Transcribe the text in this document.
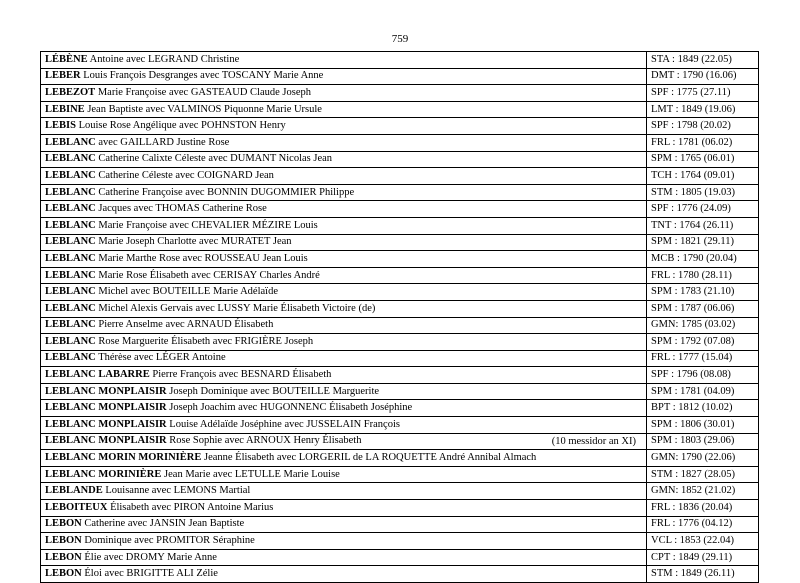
759
LÉBÈNE Antoine avec LEGRAND Christine	STA : 1849 (22.05)
LEBER Louis François Desgranges avec TOSCANY Marie Anne	DMT : 1790 (16.06)
LEBEZOT Marie Françoise avec GASTEAUD Claude Joseph	SPF : 1775 (27.11)
LEBINE Jean Baptiste avec VALMINOS Piquonne Marie Ursule	LMT : 1849 (19.06)
LEBIS Louise Rose Angélique avec POHNSTON Henry	SPF : 1798 (20.02)
LEBLANC avec GAILLARD Justine Rose	FRL : 1781 (06.02)
LEBLANC Catherine Calixte Céleste avec DUMANT Nicolas Jean	SPM : 1765 (06.01)
LEBLANC Catherine Céleste avec COIGNARD Jean	TCH : 1764 (09.01)
LEBLANC Catherine Françoise avec BONNIN DUGOMMIER Philippe	STM : 1805 (19.03)
LEBLANC Jacques avec THOMAS Catherine Rose	SPF : 1776 (24.09)
LEBLANC Marie Françoise avec CHEVALIER MÉZIRE Louis	TNT : 1764 (26.11)
LEBLANC Marie Joseph Charlotte avec MURATET Jean	SPM : 1821 (29.11)
LEBLANC Marie Marthe Rose avec ROUSSEAU Jean Louis	MCB : 1790 (20.04)
LEBLANC Marie Rose Élisabeth avec CERISAY Charles André	FRL : 1780 (28.11)
LEBLANC Michel avec BOUTEILLE Marie Adélaïde	SPM : 1783 (21.10)
LEBLANC Michel Alexis Gervais avec LUSSY Marie Élisabeth Victoire (de)	SPM : 1787 (06.06)
LEBLANC Pierre Anselme avec ARNAUD Élisabeth	GMN: 1785 (03.02)
LEBLANC Rose Marguerite Élisabeth avec FRIGIÈRE Joseph	SPM : 1792 (07.08)
LEBLANC Thérèse avec LÉGER Antoine	FRL : 1777 (15.04)
LEBLANC LABARRE Pierre François avec BESNARD Élisabeth	SPF : 1796 (08.08)
LEBLANC MONPLAISIR Joseph Dominique avec BOUTEILLE Marguerite	SPM : 1781 (04.09)
LEBLANC MONPLAISIR Joseph Joachim avec HUGONNENC Élisabeth Joséphine	BPT : 1812 (10.02)
LEBLANC MONPLAISIR Louise Adélaïde Joséphine avec JUSSELAIN François	SPM : 1806 (30.01)
LEBLANC MONPLAISIR Rose Sophie avec ARNOUX Henry Élisabeth (10 messidor an XI)	SPM : 1803 (29.06)
LEBLANC MORIN MORINIÈRE Jeanne Élisabeth avec LORGERIL de LA ROQUETTE André Annibal Almach	GMN: 1790 (22.06)
LEBLANC MORINIÈRE Jean Marie avec LETULLE Marie Louise	STM : 1827 (28.05)
LEBLANDE Louisanne avec LEMONS Martial	GMN: 1852 (21.02)
LEBOITEUX Élisabeth avec PIRON Antoine Marius	FRL : 1836 (20.04)
LEBON Catherine avec JANSIN Jean Baptiste	FRL : 1776 (04.12)
LEBON Dominique avec PROMITOR Séraphine	VCL : 1853 (22.04)
LEBON Élie avec DROMY Marie Anne	CPT : 1849 (29.11)
LEBON Éloi avec BRIGITTE ALI Zélie	STM : 1849 (26.11)
